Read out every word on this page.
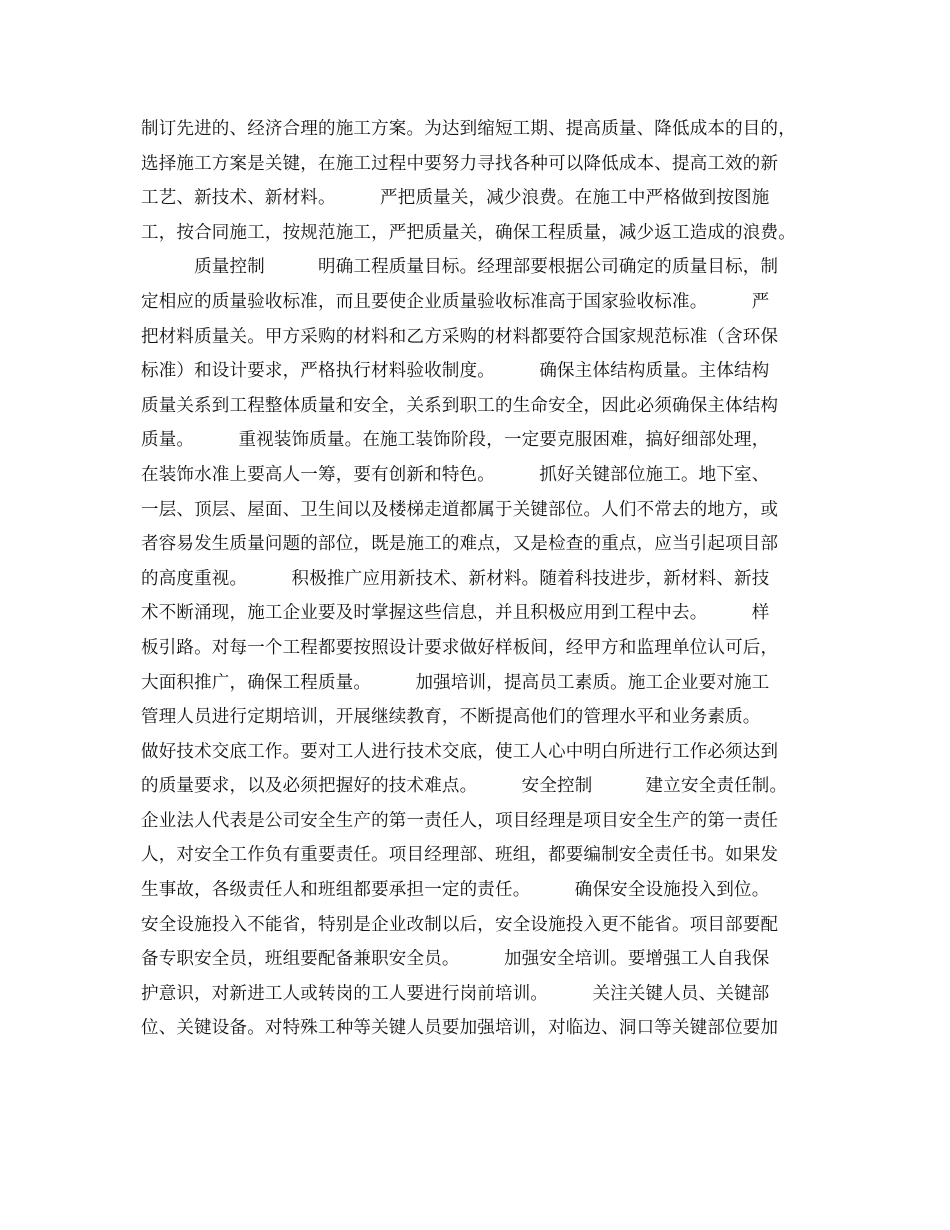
制订先进的、经济合理的施工方案。为达到缩短工期、提高质量、降低成本的目的，
选择施工方案是关键，在施工过程中要努力寻找各种可以降低成本、提高工效的新
工艺、新技术、新材料。　　　严把质量关，减少浪费。在施工中严格做到按图施
工，按合同施工，按规范施工，严把质量关，确保工程质量，减少返工造成的浪费。
　　　质量控制　　　明确工程质量目标。经理部要根据公司确定的质量目标，制
定相应的质量验收标准，而且要使企业质量验收标准高于国家验收标准。　　　严
把材料质量关。甲方采购的材料和乙方采购的材料都要符合国家规范标准（含环保
标准）和设计要求，严格执行材料验收制度。　　　确保主体结构质量。主体结构
质量关系到工程整体质量和安全，关系到职工的生命安全，因此必须确保主体结构
质量。　　　重视装饰质量。在施工装饰阶段，一定要克服困难，搞好细部处理，
在装饰水准上要高人一筹，要有创新和特色。　　　抓好关键部位施工。地下室、
一层、顶层、屋面、卫生间以及楼梯走道都属于关键部位。人们不常去的地方，或
者容易发生质量问题的部位，既是施工的难点，又是检查的重点，应当引起项目部
的高度重视。　　　积极推广应用新技术、新材料。随着科技进步，新材料、新技
术不断涌现，施工企业要及时掌握这些信息，并且积极应用到工程中去。　　　样
板引路。对每一个工程都要按照设计要求做好样板间，经甲方和监理单位认可后，
大面积推广，确保工程质量。　　　加强培训，提高员工素质。施工企业要对施工
管理人员进行定期培训，开展继续教育，不断提高他们的管理水平和业务素质。
做好技术交底工作。要对工人进行技术交底，使工人心中明白所进行工作必须达到
的质量要求，以及必须把握好的技术难点。　　　安全控制　　　建立安全责任制。
企业法人代表是公司安全生产的第一责任人，项目经理是项目安全生产的第一责任
人，对安全工作负有重要责任。项目经理部、班组，都要编制安全责任书。如果发
生事故，各级责任人和班组都要承担一定的责任。　　　确保安全设施投入到位。
安全设施投入不能省，特别是企业改制以后，安全设施投入更不能省。项目部要配
备专职安全员，班组要配备兼职安全员。　　　加强安全培训。要增强工人自我保
护意识，对新进工人或转岗的工人要进行岗前培训。　　　关注关键人员、关键部
位、关键设备。对特殊工种等关键人员要加强培训，对临边、洞口等关键部位要加
